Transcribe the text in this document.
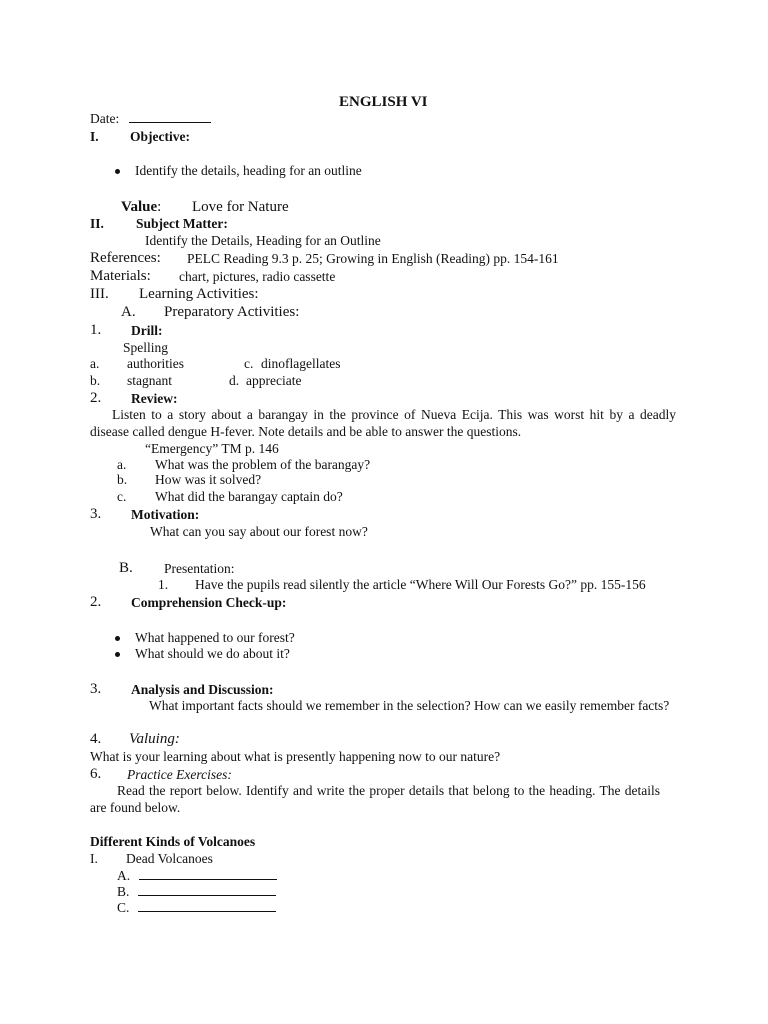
ENGLISH VI
Date:
I. Objective:
Identify the details, heading for an outline
Value: Love for Nature
II. Subject Matter:
Identify the Details, Heading for an Outline
References: PELC Reading 9.3 p. 25; Growing in English (Reading) pp. 154-161
Materials: chart, pictures, radio cassette
III. Learning Activities:
A. Preparatory Activities:
1. Drill:
Spelling
a. authorities	c. dinoflagellates
b. stagnant	d. appreciate
2. Review:
Listen to a story about a barangay in the province of Nueva Ecija. This was worst hit by a deadly disease called dengue H-fever. Note details and be able to answer the questions.
“Emergency” TM p. 146
a. What was the problem of the barangay?
b. How was it solved?
c. What did the barangay captain do?
3. Motivation:
What can you say about our forest now?
B. Presentation:
1. Have the pupils read silently the article “Where Will Our Forests Go?” pp. 155-156
2. Comprehension Check-up:
What happened to our forest?
What should we do about it?
3. Analysis and Discussion:
What important facts should we remember in the selection? How can we easily remember facts?
4. Valuing:
What is your learning about what is presently happening now to our nature?
6. Practice Exercises:
Read the report below. Identify and write the proper details that belong to the heading. The details are found below.
Different Kinds of Volcanoes
I. Dead Volcanoes
A.
B.
C.
